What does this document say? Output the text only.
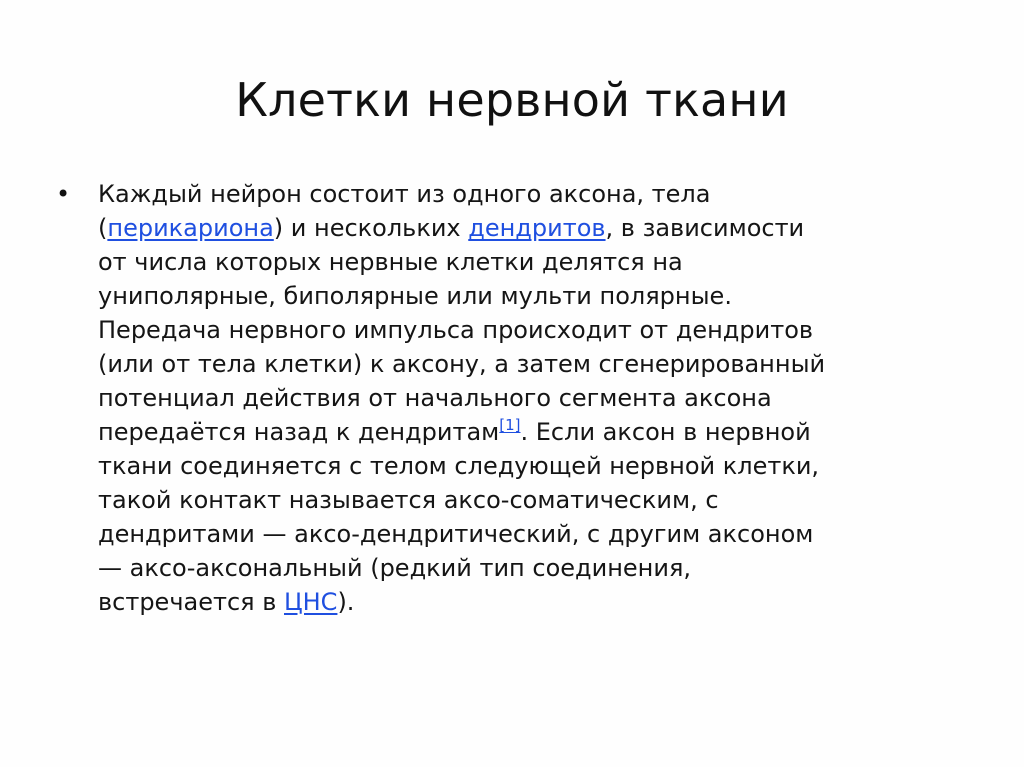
Клетки нервной ткани
• Каждый нейрон состоит из одного аксона, тела
(перикариона) и нескольких дендритов, в зависимости
от числа которых нервные клетки делятся на
униполярные, биполярные или мульти полярные.
Передача нервного импульса происходит от дендритов
(или от тела клетки) к аксону, а затем сгенерированный
потенциал действия от начального сегмента аксона
передаётся назад к дендритам[1]. Если аксон в нервной
ткани соединяется с телом следующей нервной клетки,
такой контакт называется аксо-соматическим, с
дендритами — аксо-дендритический, с другим аксоном
— аксо-аксональный (редкий тип соединения,
встречается в ЦНС).
